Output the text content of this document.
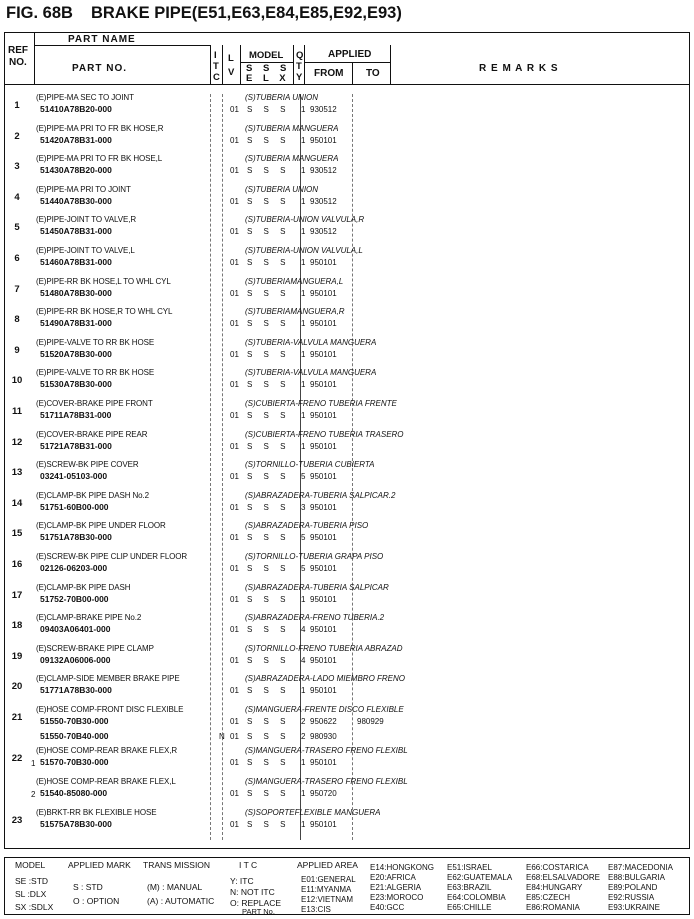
FIG. 68B BRAKE PIPE(E51,E63,E84,E85,E92,E93)
REF
NO.
PART NAME
PART NO.
I
T
C
L
V
MODEL
S S S
E L X
Q
T
Y
APPLIED
FROM TO	R E M A R K S
1
(E)PIPE-MA SEC TO JOINT
51410A78B20-000	01 S S S 1 930512
(S)TUBERIA UNION
2
(E)PIPE-MA PRI TO FR BK HOSE,R
51420A78B31-000	01 S S S 1 950101
(S)TUBERIA MANGUERA
3
(E)PIPE-MA PRI TO FR BK HOSE,L
51430A78B20-000	01 S S S 1 930512
(S)TUBERIA MANGUERA
4
(E)PIPE-MA PRI TO JOINT
51440A78B30-000	01 S S S 1 930512
(S)TUBERIA UNION
5
(E)PIPE-JOINT TO VALVE,R
51450A78B31-000	01 S S S 1 930512
(S)TUBERIA-UNION VALVULA,R
6
(E)PIPE-JOINT TO VALVE,L
51460A78B31-000	01 S S S 1 950101
(S)TUBERIA-UNION VALVULA,L
7
(E)PIPE-RR BK HOSE,L TO WHL CYL
51480A78B30-000	01 S S S 1 950101
(S)TUBERIAMANGUERA,L
8
(E)PIPE-RR BK HOSE,R TO WHL CYL
51490A78B31-000	01 S S S 1 950101
(S)TUBERIAMANGUERA,R
9
(E)PIPE-VALVE TO RR BK HOSE
51520A78B30-000	01 S S S 1 950101
(S)TUBERIA-VALVULA MANGUERA
10
(E)PIPE-VALVE TO RR BK HOSE
51530A78B30-000	01 S S S 1 950101
(S)TUBERIA-VALVULA MANGUERA
11
(E)COVER-BRAKE PIPE FRONT
51711A78B31-000	01 S S S 1 950101
(S)CUBIERTA-FRENO TUBERIA FRENTE
12
(E)COVER-BRAKE PIPE REAR
51721A78B31-000	01 S S S 1 950101
(S)CUBIERTA-FRENO TUBERIA TRASERO
13
(E)SCREW-BK PIPE COVER
03241-05103-000	01 S S S 5 950101
(S)TORNILLO-TUBERIA CUBIERTA
14
(E)CLAMP-BK PIPE DASH No.2
51751-60B00-000	01 S S S 3 950101
(S)ABRAZADERA-TUBERIA SALPICAR.2
15
(E)CLAMP-BK PIPE UNDER FLOOR
51751A78B30-000	01 S S S 5 950101
(S)ABRAZADERA-TUBERIA PISO
16
(E)SCREW-BK PIPE CLIP UNDER FLOOR
02126-06203-000	01 S S S 5 950101
(S)TORNILLO-TUBERIA GRAPA PISO
17
(E)CLAMP-BK PIPE DASH
51752-70B00-000	01 S S S 1 950101
(S)ABRAZADERA-TUBERIA SALPICAR
18
(E)CLAMP-BRAKE PIPE No.2
09403A06401-000	01 S S S 4 950101
(S)ABRAZADERA-FRENO TUBERIA.2
19
(E)SCREW-BRAKE PIPE CLAMP
09132A06006-000	01 S S S 4 950101
(S)TORNILLO-FRENO TUBERIA ABRAZAD
20
(E)CLAMP-SIDE MEMBER BRAKE PIPE
51771A78B30-000	01 S S S 1 950101
(S)ABRAZADERA-LADO MIEMBRO FRENO
21
(E)HOSE COMP-FRONT DISC FLEXIBLE
51550-70B30-000	01 S S S 2 950622	980929
(S)MANGUERA-FRENTE DISCO FLEXIBLE
51550-70B40-000	N 01 S S S 2 980930
22 1
(E)HOSE COMP-REAR BRAKE FLEX,R
51570-70B30-000	01 S S S 1 950101
(S)MANGUERA-TRASERO FRENO FLEXIBL
2
(E)HOSE COMP-REAR BRAKE FLEX,L
51540-85080-000	01 S S S 1 950720
(S)MANGUERA-TRASERO FRENO FLEXIBL
23
(E)BRKT-RR BK FLEXIBLE HOSE
51575A78B30-000	01 S S S 1 950101
(S)SOPORTEFLEXIBLE MANGUERA
MODEL	APPLIED MARK TRANS MISSION	I T C	APPLIED AREA
SE :STD
SL :DLX
SX :SDLX
S : STD
O : OPTION
(M) : MANUAL
(A) : AUTOMATIC
Y: ITC
N: NOT ITC
O: REPLACE
PART No.
E01:GENERAL
E11:MYANMA
E12:VIETNAM
E13:CIS
E14:HONGKONG
E20:AFRICA
E21:ALGERIA
E23:MOROCO
E40:GCC
E51:ISRAEL
E62:GUATEMALA
E63:BRAZIL
E64:COLOMBIA
E65:CHILLE
E66:COSTARICA
E68:ELSALVADORE
E84:HUNGARY
E85:CZECH
E86:ROMANIA
E87:MACEDONIA
E88:BULGARIA
E89:POLAND
E92:RUSSIA
E93:UKRAINE
